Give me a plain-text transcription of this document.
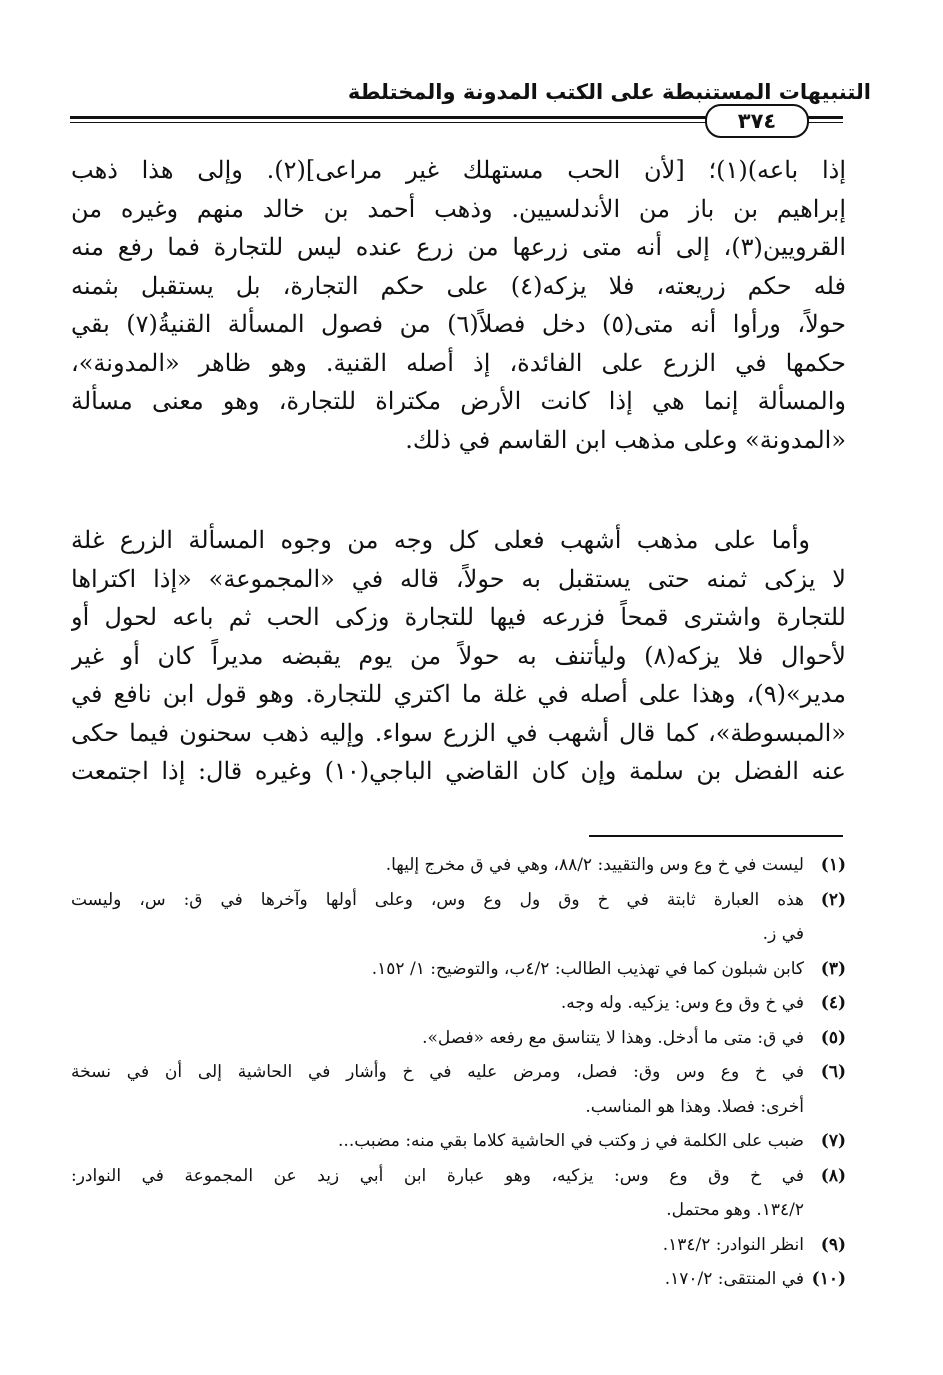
التنبيهات المستنبطة على الكتب المدونة والمختلطة
٣٧٤
إذا باعه)(١)؛ [لأن الحب مستهلك غير مراعى](٢). وإلى هذا ذهب
إبراهيم بن باز من الأندلسيين. وذهب أحمد بن خالد منهم وغيره من
القرويين(٣)، إلى أنه متى زرعها من زرع عنده ليس للتجارة فما رفع منه
فله حكم زريعته، فلا يزكه(٤) على حكم التجارة، بل يستقبل بثمنه
حولاً، ورأوا أنه متى(٥) دخل فصلاً(٦) من فصول المسألة القنيةُ(٧) بقي
حكمها في الزرع على الفائدة، إذ أصله القنية. وهو ظاهر «المدونة»،
والمسألة إنما هي إذا كانت الأرض مكتراة للتجارة، وهو معنى مسألة
«المدونة» وعلى مذهب ابن القاسم في ذلك.
وأما على مذهب أشهب فعلى كل وجه من وجوه المسألة الزرع غلة
لا يزكى ثمنه حتى يستقبل به حولاً، قاله في «المجموعة» «إذا اكتراها
للتجارة واشترى قمحاً فزرعه فيها للتجارة وزكى الحب ثم باعه لحول أو
لأحوال فلا يزكه(٨) وليأتنف به حولاً من يوم يقبضه مديراً كان أو غير
مدير»(٩)، وهذا على أصله في غلة ما اكتري للتجارة. وهو قول ابن نافع في
«المبسوطة»، كما قال أشهب في الزرع سواء. وإليه ذهب سحنون فيما حكى
عنه الفضل بن سلمة وإن كان القاضي الباجي(١٠) وغيره قال: إذا اجتمعت
(١)ليست في خ وع وس والتقييد: ٨٨/٢، وهي في ق مخرج إليها.
(٢)هذه العبارة ثابتة في خ وق ول وع وس، وعلى أولها وآخرها في ق: س، وليست
في ز.
(٣)كابن شبلون كما في تهذيب الطالب: ٤/٢ب، والتوضيح: ١/ ١٥٢.
(٤)في خ وق وع وس: يزكيه. وله وجه.
(٥)في ق: متى ما أدخل. وهذا لا يتناسق مع رفعه «فصل».
(٦)في خ وع وس وق: فصل، ومرض عليه في خ وأشار في الحاشية إلى أن في نسخة
أخرى: فصلا. وهذا هو المناسب.
(٧)ضبب على الكلمة في ز وكتب في الحاشية كلاما بقي منه: مضبب...
(٨)في خ وق وع وس: يزكيه، وهو عبارة ابن أبي زيد عن المجموعة في النوادر:
١٣٤/٢. وهو محتمل.
(٩)انظر النوادر: ١٣٤/٢.
(١٠)في المنتقى: ١٧٠/٢.
